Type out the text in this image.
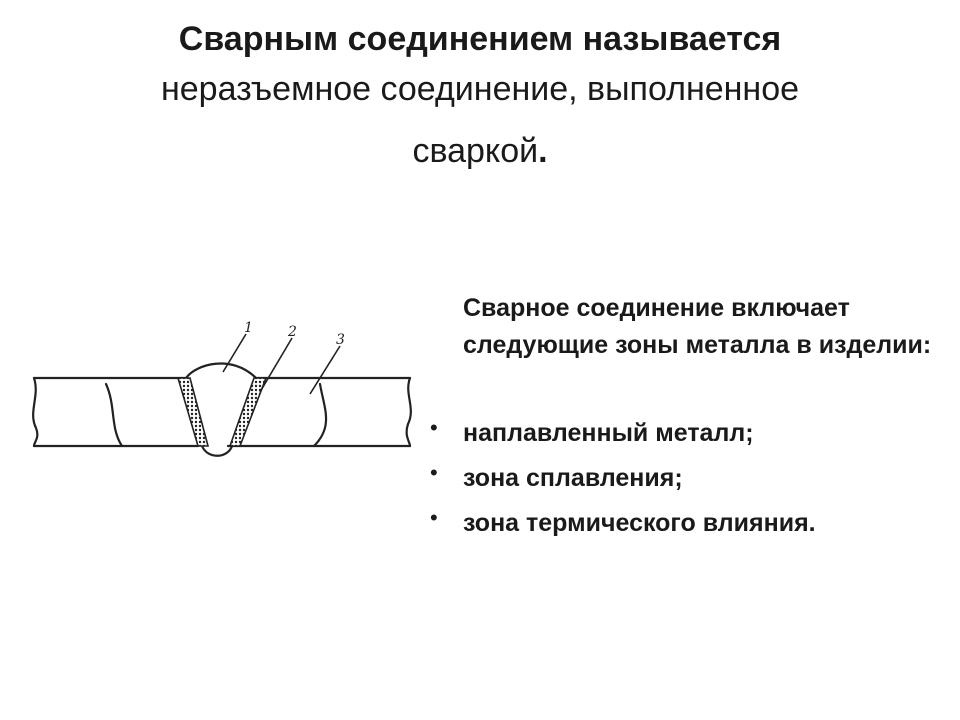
Сварным соединением называется
неразъемное соединение, выполненное
сваркой.
1	2	3
Сварное соединение включает следующие зоны металла в изделии:
• наплавленный металл;
• зона сплавления;
• зона термического влияния.
